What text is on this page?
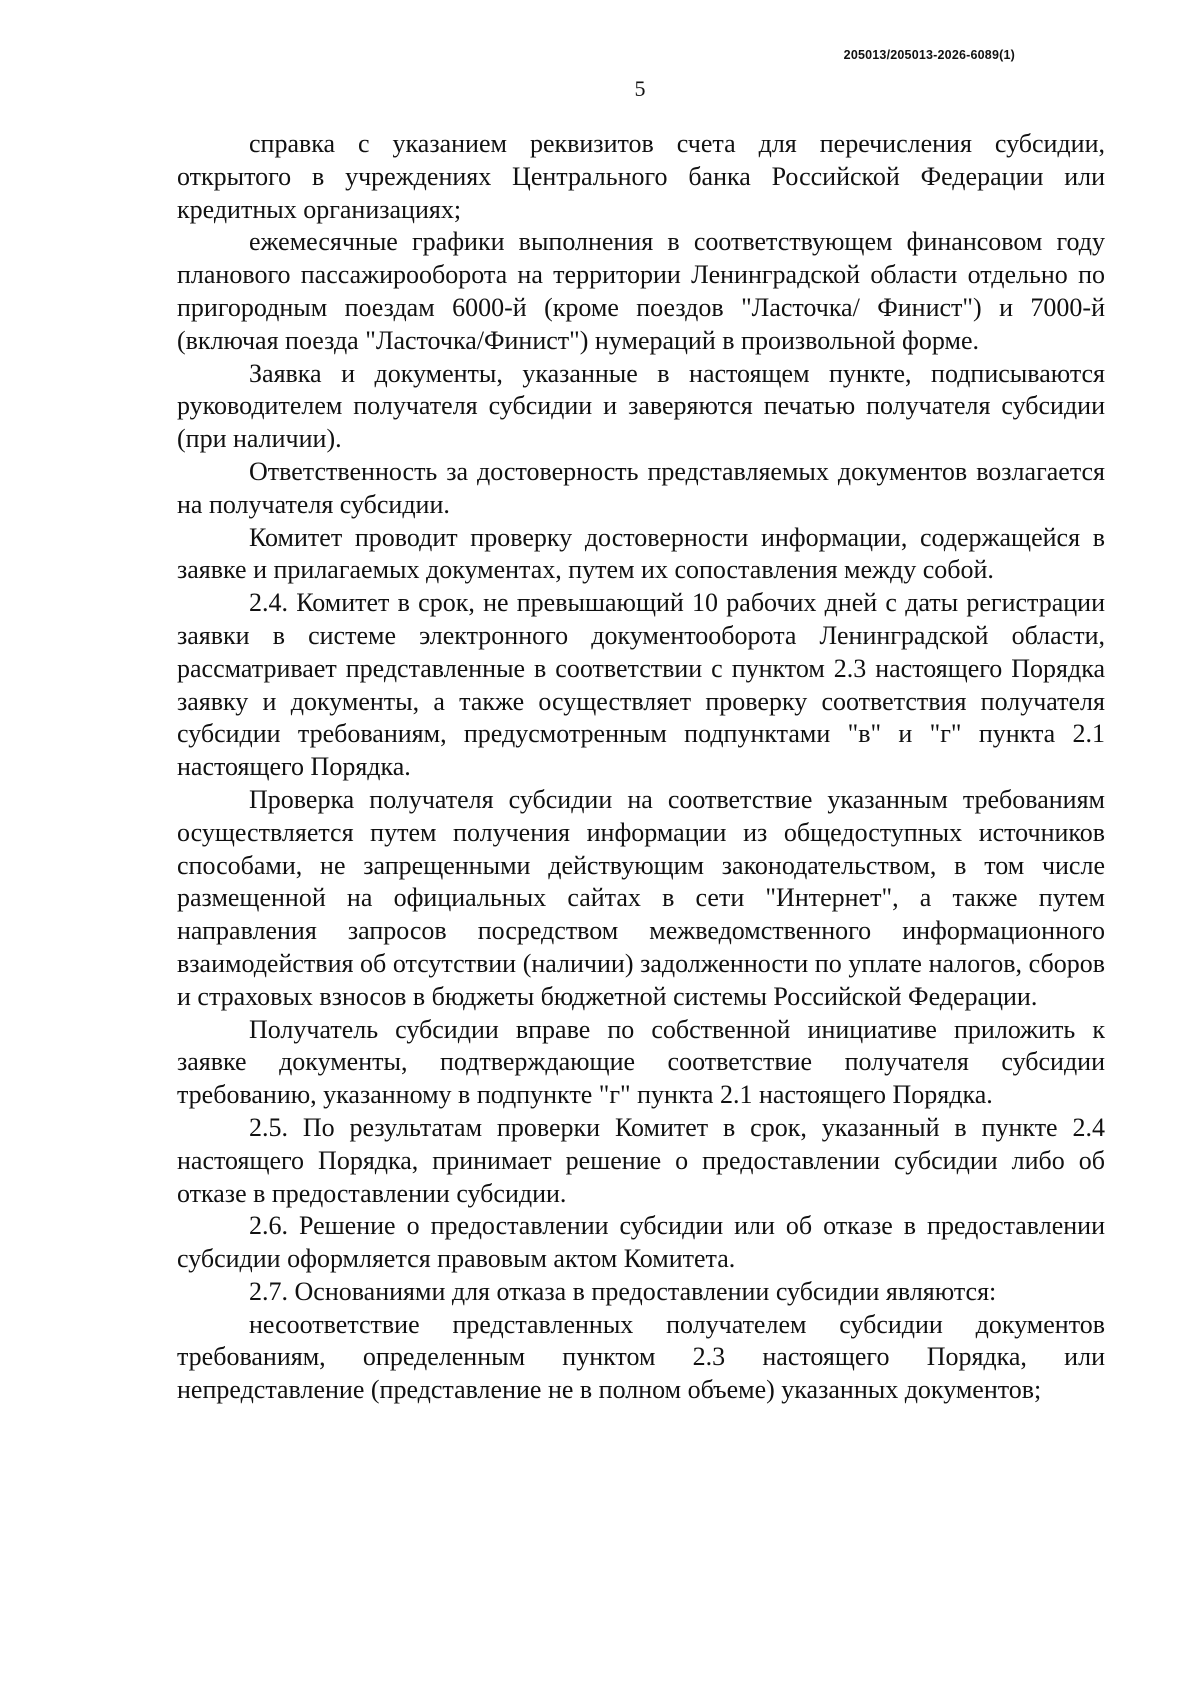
205013/205013-2026-6089(1)
5

справка с указанием реквизитов счета для перечисления субсидии, открытого в учреждениях Центрального банка Российской Федерации или кредитных организациях;

ежемесячные графики выполнения в соответствующем финансовом году планового пассажирооборота на территории Ленинградской области отдельно по пригородным поездам 6000-й (кроме поездов "Ласточка/ Финист") и 7000-й (включая поезда "Ласточка/Финист") нумераций в произвольной форме.

Заявка и документы, указанные в настоящем пункте, подписываются руководителем получателя субсидии и заверяются печатью получателя субсидии (при наличии).

Ответственность за достоверность представляемых документов возлагается на получателя субсидии.

Комитет проводит проверку достоверности информации, содержащейся в заявке и прилагаемых документах, путем их сопоставления между собой.

2.4. Комитет в срок, не превышающий 10 рабочих дней с даты регистрации заявки в системе электронного документооборота Ленинградской области, рассматривает представленные в соответствии с пунктом 2.3 настоящего Порядка заявку и документы, а также осуществляет проверку соответствия получателя субсидии требованиям, предусмотренным подпунктами "в" и "г" пункта 2.1 настоящего Порядка.

Проверка получателя субсидии на соответствие указанным требованиям осуществляется путем получения информации из общедоступных источников способами, не запрещенными действующим законодательством, в том числе размещенной на официальных сайтах в сети "Интернет", а также путем направления запросов посредством межведомственного информационного взаимодействия об отсутствии (наличии) задолженности по уплате налогов, сборов и страховых взносов в бюджеты бюджетной системы Российской Федерации.

Получатель субсидии вправе по собственной инициативе приложить к заявке документы, подтверждающие соответствие получателя субсидии требованию, указанному в подпункте "г" пункта 2.1 настоящего Порядка.

2.5. По результатам проверки Комитет в срок, указанный в пункте 2.4 настоящего Порядка, принимает решение о предоставлении субсидии либо об отказе в предоставлении субсидии.

2.6. Решение о предоставлении субсидии или об отказе в предоставлении субсидии оформляется правовым актом Комитета.

2.7. Основаниями для отказа в предоставлении субсидии являются:

несоответствие представленных получателем субсидии документов требованиям, определенным пунктом 2.3 настоящего Порядка, или непредставление (представление не в полном объеме) указанных документов;
